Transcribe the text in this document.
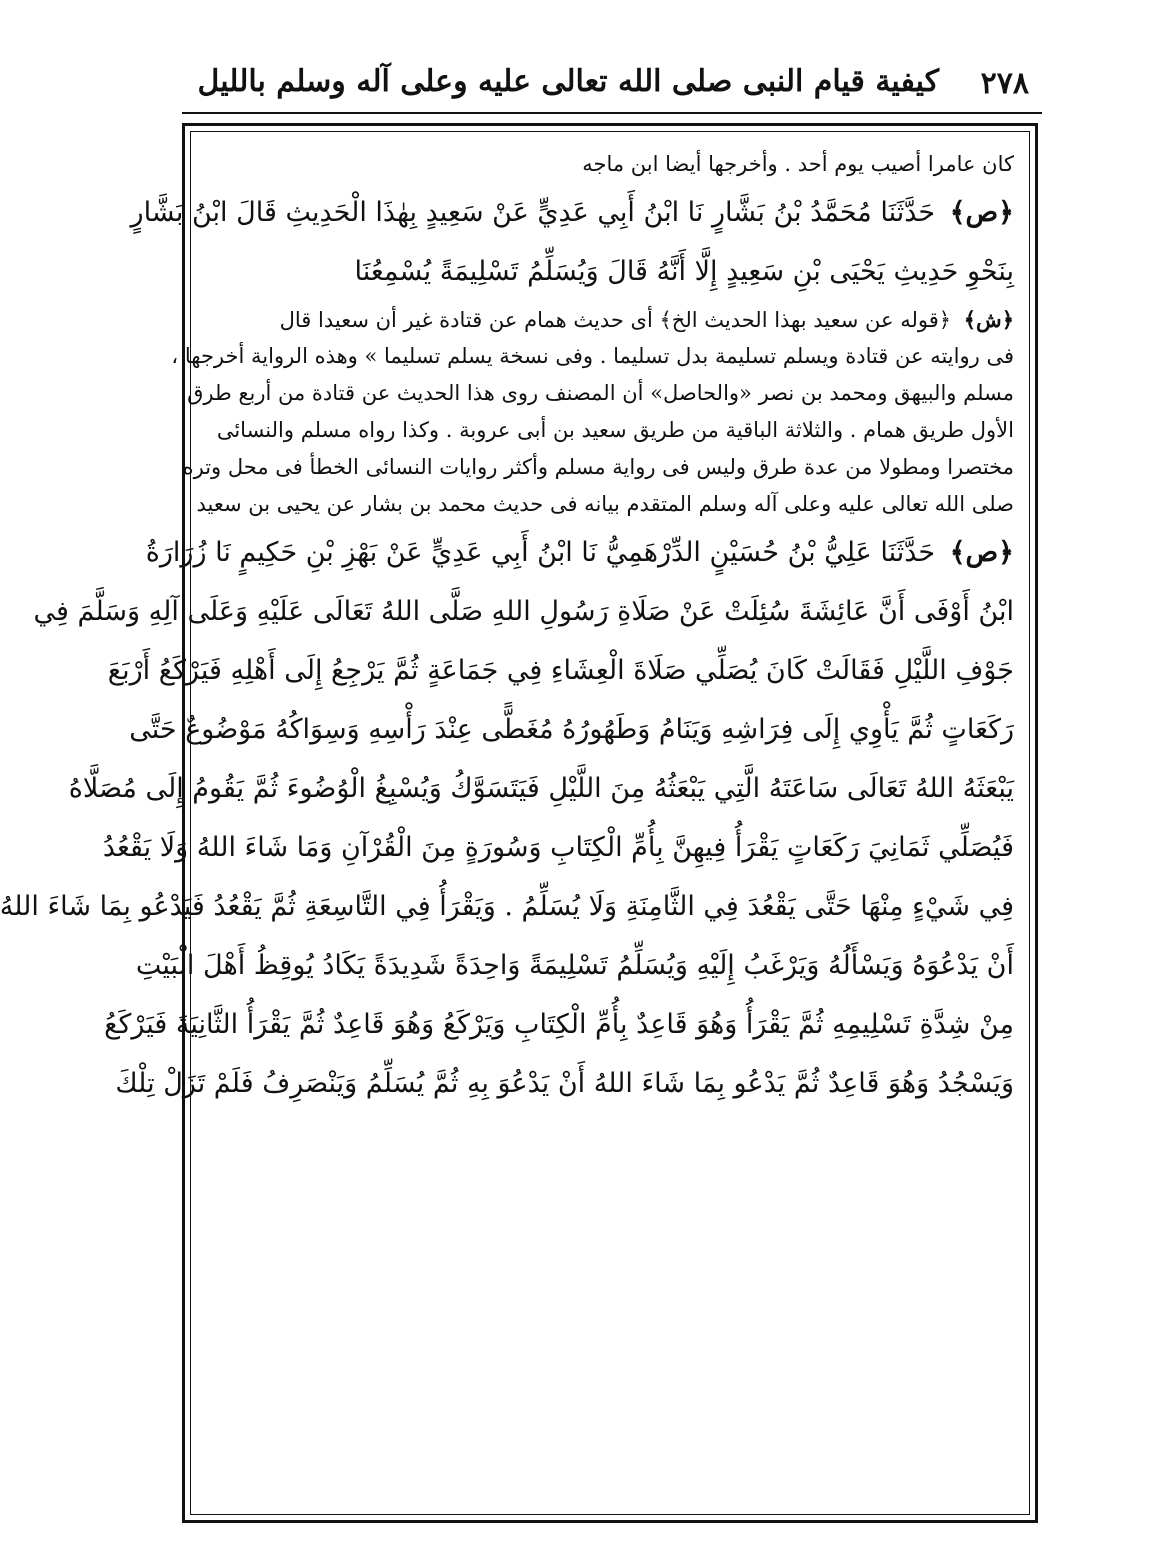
٢٧٨
كيفية قيام النبى صلى الله تعالى عليه وعلى آله وسلم بالليل
كان عامرا أصيب يوم أحد . وأخرجها أيضا ابن ماجه
﴿ص﴾ حَدَّثَنَا مُحَمَّدُ بْنُ بَشَّارٍ نَا ابْنُ أَبِي عَدِيٍّ عَنْ سَعِيدٍ بِهٰذَا الْحَدِيثِ قَالَ ابْنُ بَشَّارٍ
بِنَحْوِ حَدِيثِ يَحْيَى بْنِ سَعِيدٍ إِلَّا أَنَّهُ قَالَ وَيُسَلِّمُ تَسْلِيمَةً يُسْمِعُنَا
﴿ش﴾ ﴿قوله عن سعيد بهذا الحديث الخ﴾ أى حديث همام عن قتادة غير أن سعيدا قال
فى روايته عن قتادة ويسلم تسليمة بدل تسليما . وفى نسخة يسلم تسليما » وهذه الرواية أخرجها ،
مسلم والبيهق ومحمد بن نصر «والحاصل» أن المصنف روى هذا الحديث عن قتادة من أربع طرق
الأول طريق همام . والثلاثة الباقية من طريق سعيد بن أبى عروبة . وكذا رواه مسلم والنسائى
مختصرا ومطولا من عدة طرق وليس فى رواية مسلم وأكثر روايات النسائى الخطأ فى محل وتره
صلى الله تعالى عليه وعلى آله وسلم المتقدم بيانه فى حديث محمد بن بشار عن يحيى بن سعيد
﴿ص﴾ حَدَّثَنَا عَلِيُّ بْنُ حُسَيْنٍ الدِّرْهَمِيُّ نَا ابْنُ أَبِي عَدِيٍّ عَنْ بَهْزِ بْنِ حَكِيمٍ نَا زُرَارَةُ
ابْنُ أَوْفَى أَنَّ عَائِشَةَ سُئِلَتْ عَنْ صَلَاةِ رَسُولِ اللهِ صَلَّى اللهُ تَعَالَى عَلَيْهِ وَعَلَى آلِهِ وَسَلَّمَ فِي
جَوْفِ اللَّيْلِ فَقَالَتْ كَانَ يُصَلِّي صَلَاةَ الْعِشَاءِ فِي جَمَاعَةٍ ثُمَّ يَرْجِعُ إِلَى أَهْلِهِ فَيَرْكَعُ أَرْبَعَ
رَكَعَاتٍ ثُمَّ يَأْوِي إِلَى فِرَاشِهِ وَيَنَامُ وَطَهُورُهُ مُغَطًّى عِنْدَ رَأْسِهِ وَسِوَاكُهُ مَوْضُوعٌ حَتَّى
يَبْعَثَهُ اللهُ تَعَالَى سَاعَتَهُ الَّتِي يَبْعَثُهُ مِنَ اللَّيْلِ فَيَتَسَوَّكُ وَيُسْبِغُ الْوُضُوءَ ثُمَّ يَقُومُ إِلَى مُصَلَّاهُ
فَيُصَلِّي ثَمَانِيَ رَكَعَاتٍ يَقْرَأُ فِيهِنَّ بِأُمِّ الْكِتَابِ وَسُورَةٍ مِنَ الْقُرْآنِ وَمَا شَاءَ اللهُ وَلَا يَقْعُدُ
فِي شَيْءٍ مِنْهَا حَتَّى يَقْعُدَ فِي الثَّامِنَةِ وَلَا يُسَلِّمُ . وَيَقْرَأُ فِي التَّاسِعَةِ ثُمَّ يَقْعُدُ فَيَدْعُو بِمَا شَاءَ اللهُ
أَنْ يَدْعُوَهُ وَيَسْأَلُهُ وَيَرْغَبُ إِلَيْهِ وَيُسَلِّمُ تَسْلِيمَةً وَاحِدَةً شَدِيدَةً يَكَادُ يُوقِظُ أَهْلَ الْبَيْتِ
مِنْ شِدَّةِ تَسْلِيمِهِ ثُمَّ يَقْرَأُ وَهُوَ قَاعِدٌ بِأُمِّ الْكِتَابِ وَيَرْكَعُ وَهُوَ قَاعِدٌ ثُمَّ يَقْرَأُ الثَّانِيَةَ فَيَرْكَعُ
وَيَسْجُدُ وَهُوَ قَاعِدٌ ثُمَّ يَدْعُو بِمَا شَاءَ اللهُ أَنْ يَدْعُوَ بِهِ ثُمَّ يُسَلِّمُ وَيَنْصَرِفُ فَلَمْ تَزَلْ تِلْكَ
